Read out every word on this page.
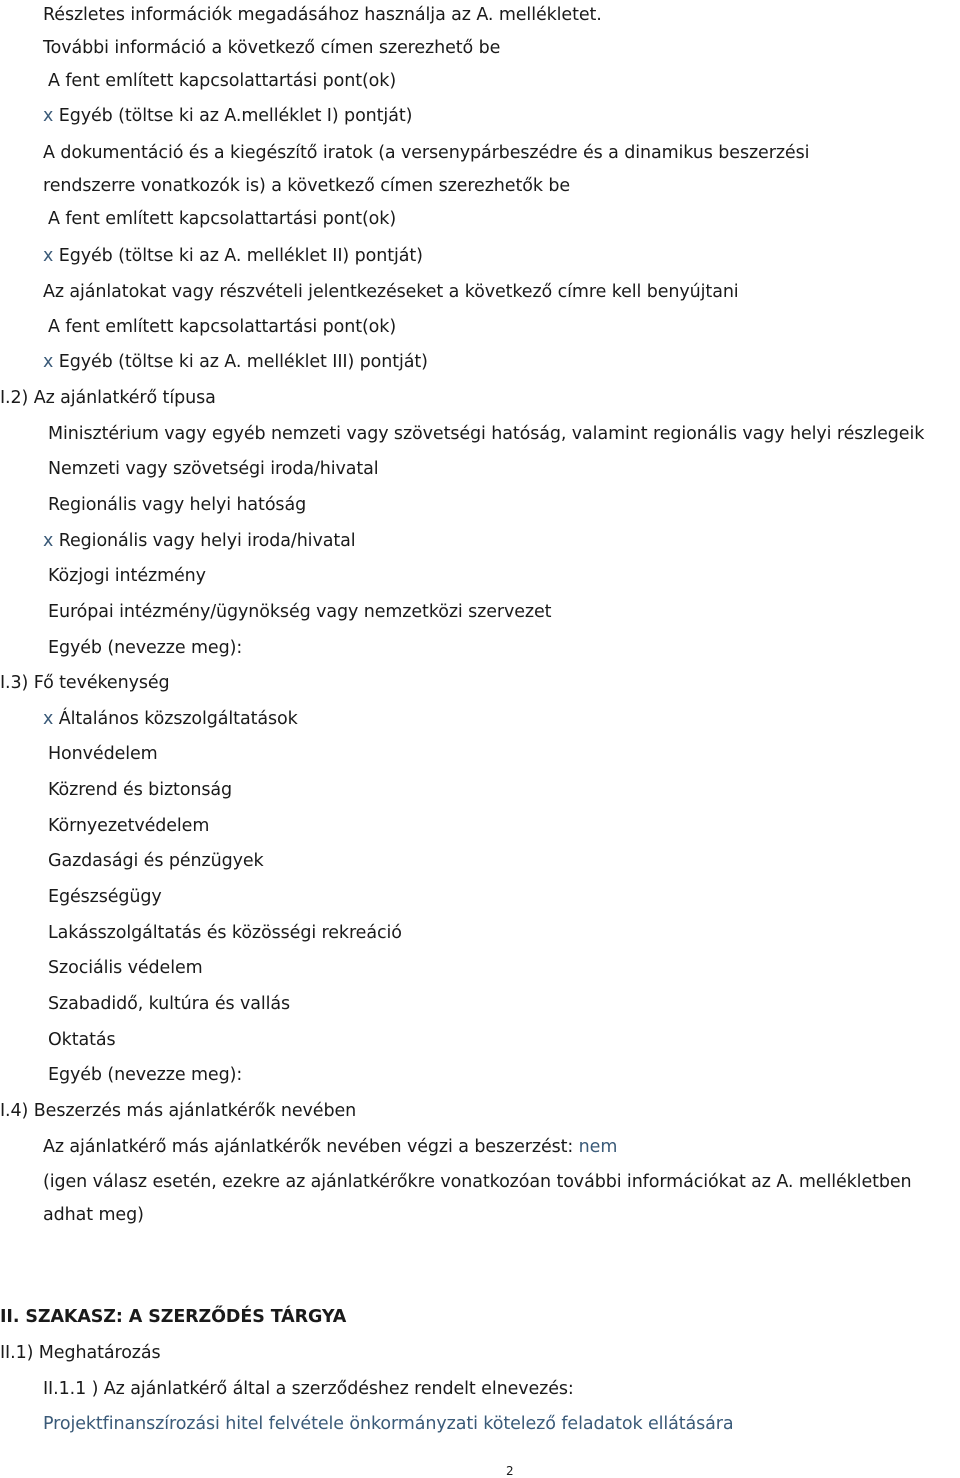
Részletes információk megadásához használja az A. mellékletet.
További információ a következő címen szerezhető be
A fent említett kapcsolattartási pont(ok)
x Egyéb (töltse ki az A.melléklet I) pontját)
A dokumentáció és a kiegészítő iratok (a versenypárbeszédre és a dinamikus beszerzési
rendszerre vonatkozók is) a következő címen szerezhetők be
A fent említett kapcsolattartási pont(ok)
x Egyéb (töltse ki az A. melléklet II) pontját)
Az ajánlatokat vagy részvételi jelentkezéseket a következő címre kell benyújtani
A fent említett kapcsolattartási pont(ok)
x Egyéb (töltse ki az A. melléklet III) pontját)
I.2) Az ajánlatkérő típusa
Minisztérium vagy egyéb nemzeti vagy szövetségi hatóság, valamint regionális vagy helyi részlegeik
Nemzeti vagy szövetségi iroda/hivatal
Regionális vagy helyi hatóság
x Regionális vagy helyi iroda/hivatal
Közjogi intézmény
Európai intézmény/ügynökség vagy nemzetközi szervezet
Egyéb (nevezze meg):
I.3) Fő tevékenység
x Általános közszolgáltatások
Honvédelem
Közrend és biztonság
Környezetvédelem
Gazdasági és pénzügyek
Egészségügy
Lakásszolgáltatás és közösségi rekreáció
Szociális védelem
Szabadidő, kultúra és vallás
Oktatás
Egyéb (nevezze meg):
I.4) Beszerzés más ajánlatkérők nevében
Az ajánlatkérő más ajánlatkérők nevében végzi a beszerzést: nem
(igen válasz esetén, ezekre az ajánlatkérőkre vonatkozóan további információkat az A. mellékletben
adhat meg)
II. SZAKASZ: A SZERZŐDÉS TÁRGYA
II.1) Meghatározás
II.1.1 ) Az ajánlatkérő által a szerződéshez rendelt elnevezés:
Projektfinanszírozási hitel felvétele önkormányzati kötelező feladatok ellátására
2
